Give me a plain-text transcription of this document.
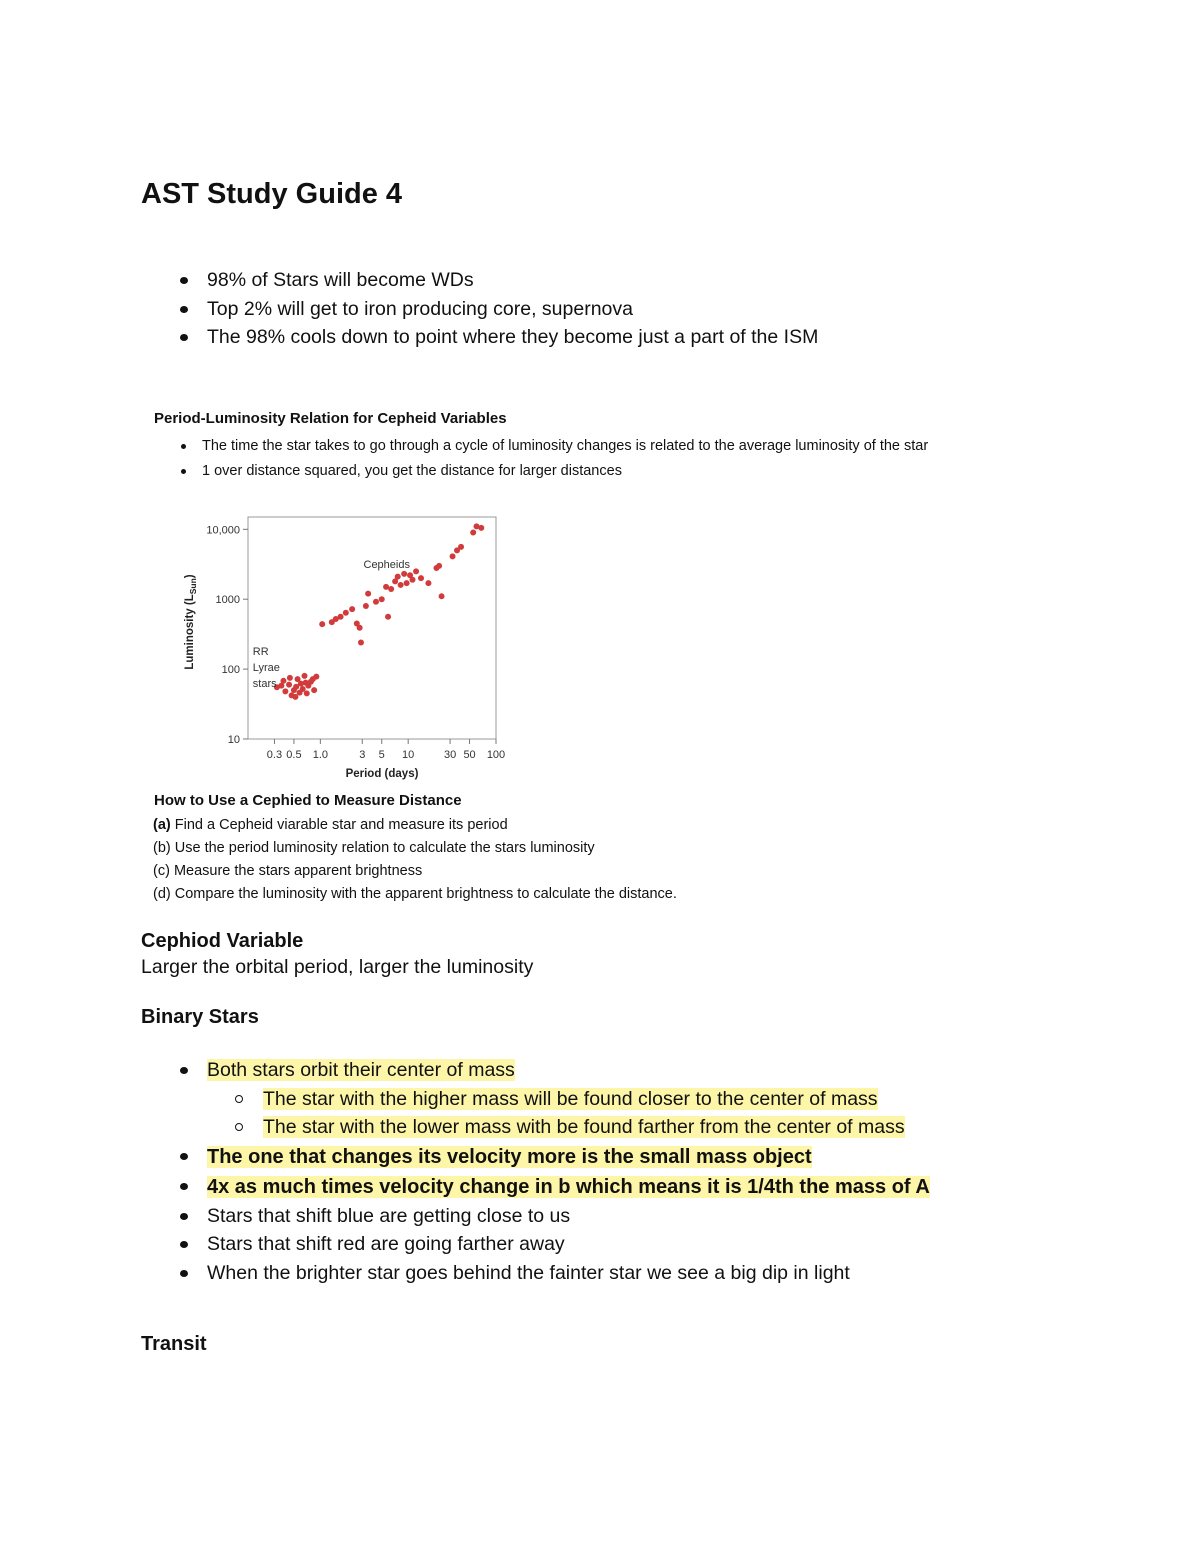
AST Study Guide 4
98% of Stars will become WDs
Top 2% will get to iron producing core, supernova
The 98% cools down to point where they become just a part of the ISM
Period-Luminosity Relation for Cepheid Variables
The time the star takes to go through a cycle of luminosity changes is related to the average luminosity of the star
1 over distance squared, you get the distance for larger distances
0.3 0.5 1.0	3 5 10	30 50 100
10
100
1000
10,000
Period (days)
Luminosity $(L_{Sun})$
Cepheids
RR
Lyrae
stars
How to Use a Cephied to Measure Distance
(a) Find a Cepheid viarable star and measure its period
(b) Use the period luminosity relation to calculate the stars luminosity
(c) Measure the stars apparent brightness
(d) Compare the luminosity with the apparent brightness to calculate the distance.
Cephiod Variable

Larger the orbital period, larger the luminosity

Binary Stars
Both stars orbit their center of mass
The star with the higher mass will be found closer to the center of mass
The star with the lower mass with be found farther from the center of mass
The one that changes its velocity more is the small mass object
4x as much times velocity change in b which means it is 1/4th the mass of A
Stars that shift blue are getting close to us
Stars that shift red are going farther away
When the brighter star goes behind the fainter star we see a big dip in light
Transit
